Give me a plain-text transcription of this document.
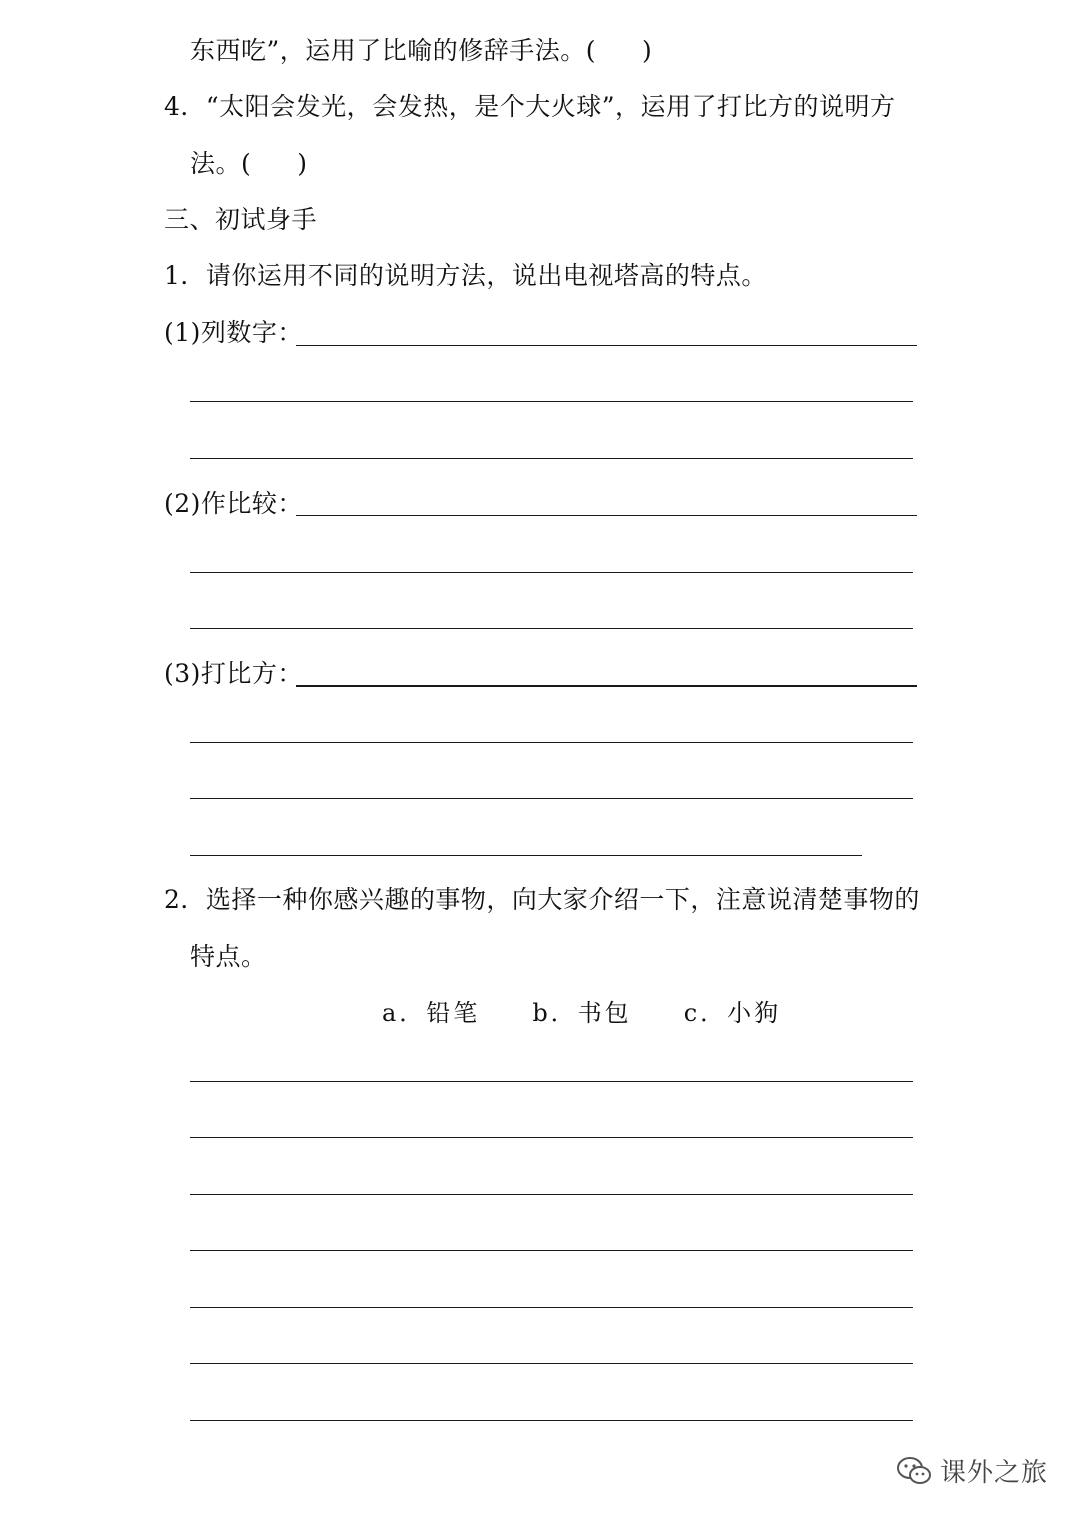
东西吃”，运用了比喻的修辞手法。( )
4．“太阳会发光，会发热，是个大火球”，运用了打比方的说明方
法。( )
三、初试身手
1．请你运用不同的说明方法，说出电视塔高的特点。
(1)列数字：
(2)作比较：
(3)打比方：
2．选择一种你感兴趣的事物，向大家介绍一下，注意说清楚事物的
特点。
a．铅笔 b．书包 c．小狗
课外之旅
